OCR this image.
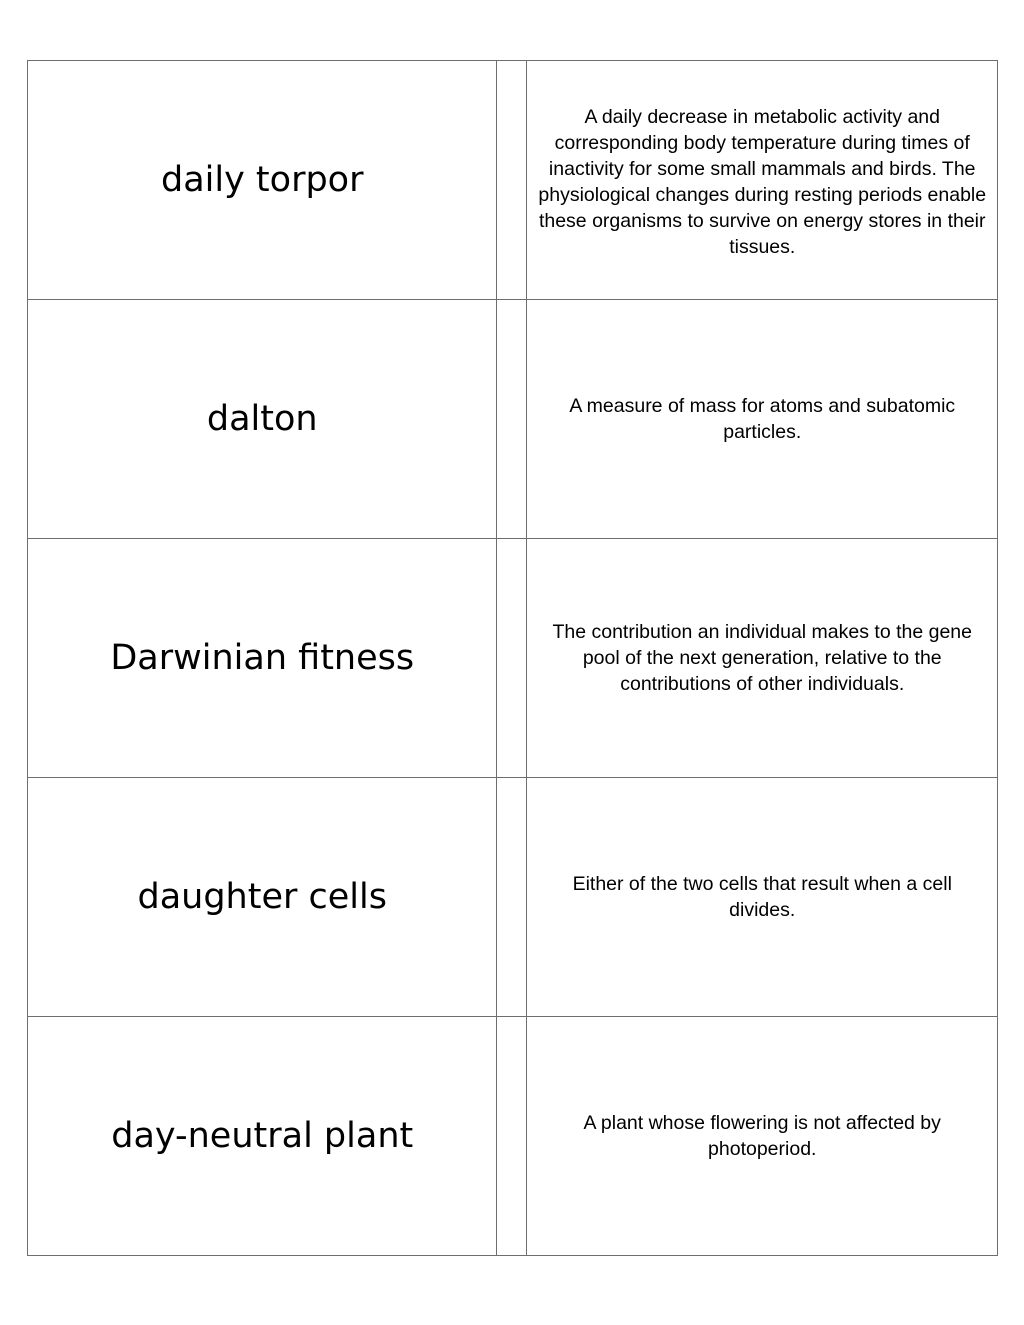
daily torpor		A daily decrease in metabolic activity and corresponding body temperature during times of inactivity for some small mammals and birds. The physiological changes during resting periods enable these organisms to survive on energy stores in their tissues.

dalton		A measure of mass for atoms and subatomic particles.

Darwinian fitness		The contribution an individual makes to the gene pool of the next generation, relative to the contributions of other individuals.

daughter cells		Either of the two cells that result when a cell divides.

day-neutral plant		A plant whose flowering is not affected by photoperiod.
